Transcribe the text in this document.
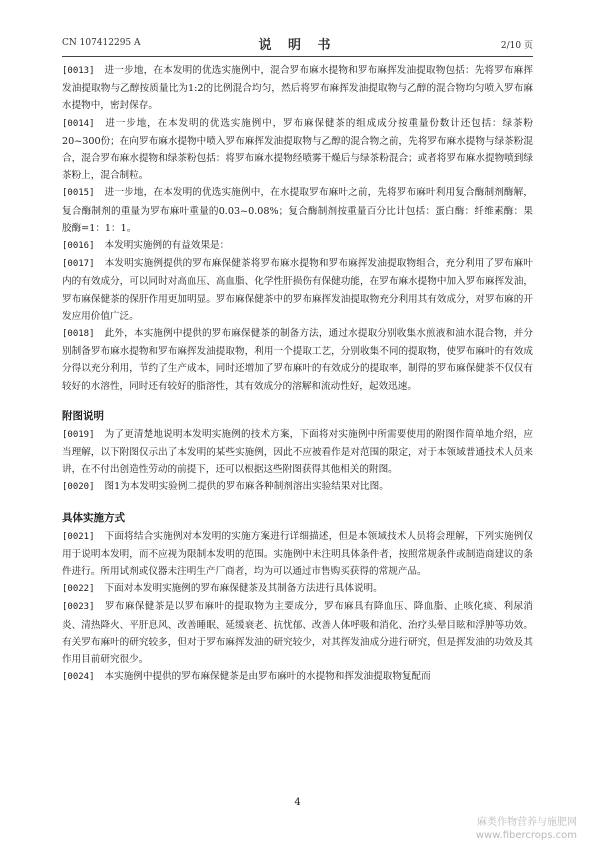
CN 107412295 A	说 明 书	2/10 页

[0013] 进一步地，在本发明的优选实施例中，混合罗布麻水提物和罗布麻挥发油提取物包括：先将罗布麻挥发油提取物与乙醇按质量比为1:2的比例混合均匀，然后将罗布麻挥发油提取物与乙醇的混合物均匀喷入罗布麻水提物中，密封保存。

[0014] 进一步地，在本发明的优选实施例中，罗布麻保健茶的组成成分按重量份数计还包括：绿茶粉20~300份；在向罗布麻水提物中喷入罗布麻挥发油提取物与乙醇的混合物之前，先将罗布麻水提物与绿茶粉混合，混合罗布麻水提物和绿茶粉包括：将罗布麻水提物经喷雾干燥后与绿茶粉混合；或者将罗布麻水提物喷到绿茶粉上，混合制粒。

[0015] 进一步地，在本发明的优选实施例中，在水提取罗布麻叶之前，先将罗布麻叶利用复合酶制剂酶解，复合酶制剂的重量为罗布麻叶重量的0.03~0.08%；复合酶制剂按重量百分比计包括：蛋白酶：纤维素酶：果胶酶=1：1：1。

[0016] 本发明实施例的有益效果是：

[0017] 本发明实施例提供的罗布麻保健茶将罗布麻水提物和罗布麻挥发油提取物组合，充分利用了罗布麻叶内的有效成分，可以同时对高血压、高血脂、化学性肝损伤有保健功能，在罗布麻水提物中加入罗布麻挥发油，罗布麻保健茶的保肝作用更加明显。罗布麻保健茶中的罗布麻挥发油提取物充分利用其有效成分，对罗布麻的开发应用价值广泛。

[0018] 此外，本实施例中提供的罗布麻保健茶的制备方法，通过水提取分别收集水煎液和油水混合物，并分别制备罗布麻水提物和罗布麻挥发油提取物，利用一个提取工艺，分别收集不同的提取物，使罗布麻叶的有效成分得以充分利用，节约了生产成本，同时还增加了罗布麻叶的有效成分的提取率，制得的罗布麻保健茶不仅仅有较好的水溶性，同时还有较好的脂溶性，其有效成分的溶解和流动性好，起效迅速。

附图说明

[0019] 为了更清楚地说明本发明实施例的技术方案，下面将对实施例中所需要使用的附图作简单地介绍，应当理解，以下附图仅示出了本发明的某些实施例，因此不应被看作是对范围的限定，对于本领域普通技术人员来讲，在不付出创造性劳动的前提下，还可以根据这些附图获得其他相关的附图。

[0020] 图1为本发明实验例二提供的罗布麻各种制剂溶出实验结果对比图。

具体实施方式

[0021] 下面将结合实施例对本发明的实施方案进行详细描述，但是本领域技术人员将会理解，下列实施例仅用于说明本发明，而不应视为限制本发明的范围。实施例中未注明具体条件者，按照常规条件或制造商建议的条件进行。所用试剂或仪器未注明生产厂商者，均为可以通过市售购买获得的常规产品。

[0022] 下面对本发明实施例的罗布麻保健茶及其制备方法进行具体说明。

[0023] 罗布麻保健茶是以罗布麻叶的提取物为主要成分，罗布麻具有降血压、降血脂、止咳化痰、利尿消炎、清热降火、平肝息风、改善睡眠、延缓衰老、抗忧郁、改善人体呼吸和消化、治疗头晕目眩和浮肿等功效。有关罗布麻叶的研究较多，但对于罗布麻挥发油的研究较少，对其挥发油成分进行研究，但是挥发油的功效及其作用目前研究很少。

[0024] 本实施例中提供的罗布麻保健茶是由罗布麻叶的水提物和挥发油提取物复配而

4
麻类作物营养与施肥网
www.fibercrops.com
